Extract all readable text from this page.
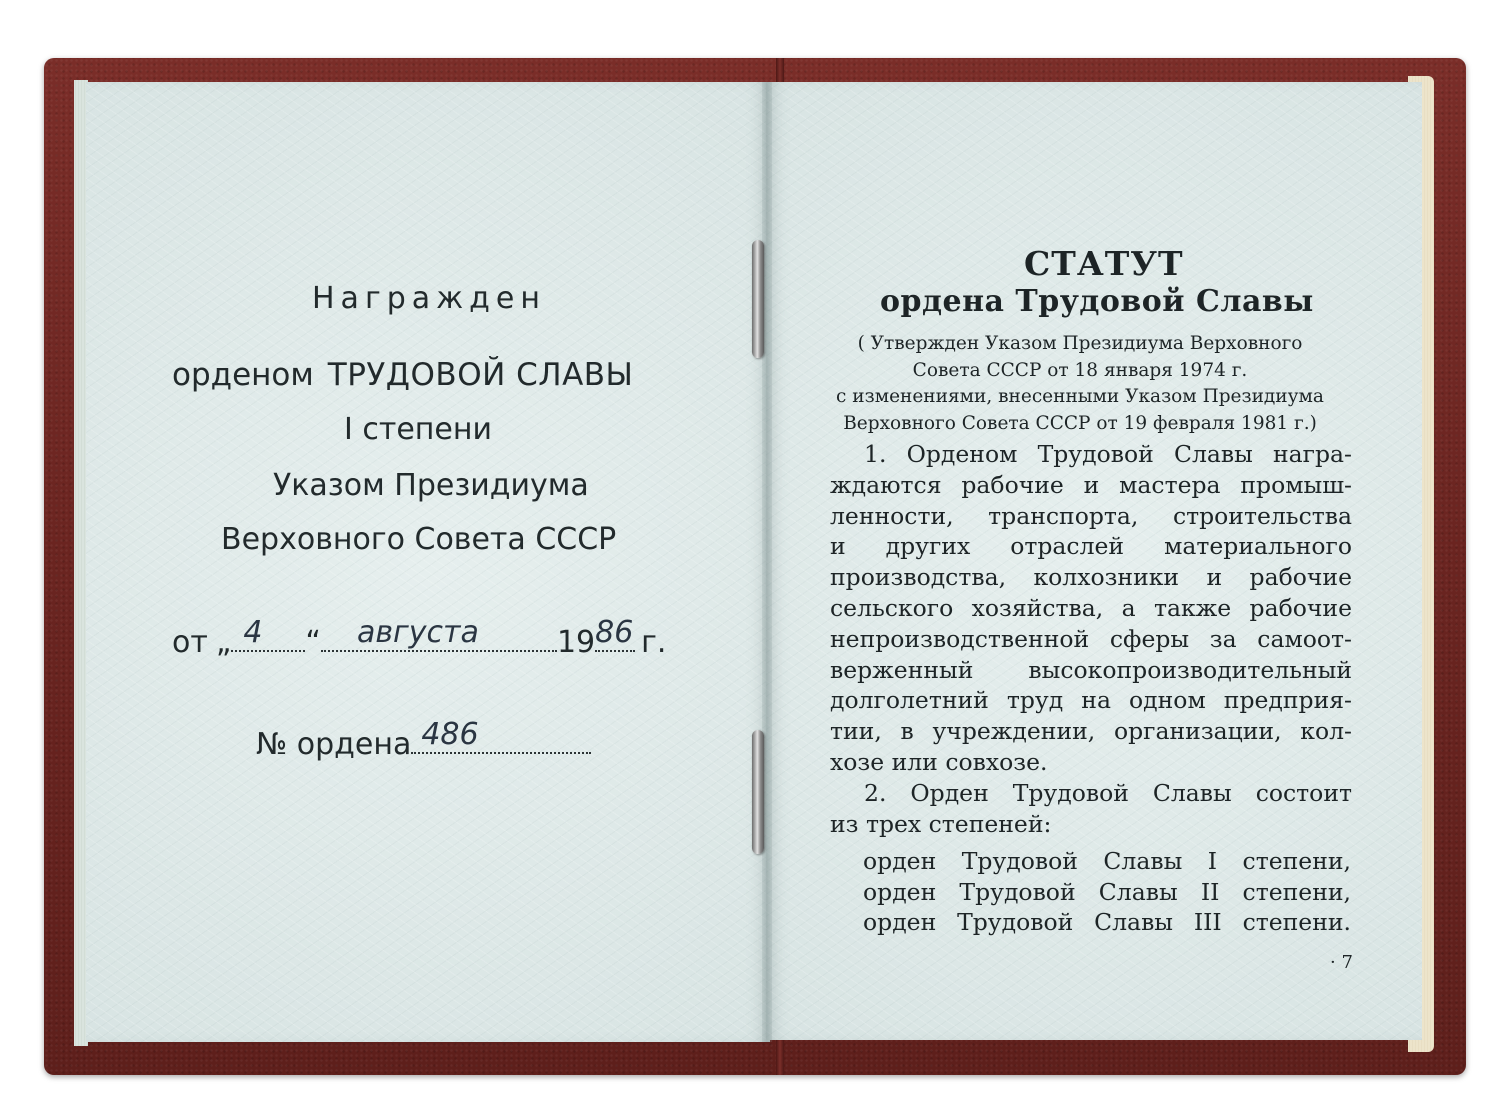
Награжден
орденом ТРУДОВОЙ СЛАВЫ
I степени
Указом Президиума
Верховного Совета СССР
от „ 4 “ августа	19 86 г.
№ ордена 486
СТАТУТ
ордена Трудовой Славы
( Утвержден Указом Президиума Верховного
Совета СССР от 18 января 1974 г.
с изменениями, внесенными Указом Президиума
Верховного Совета СССР от 19 февраля 1981 г.)
1. Орденом Трудовой Славы награ-
ждаются рабочие и мастера промыш-
ленности, транспорта, строительства
и других отраслей материального
производства, колхозники и рабочие
сельского хозяйства, а также рабочие
непроизводственной сферы за самоот-
верженный высокопроизводительный
долголетний труд на одном предприя-
тии, в учреждении, организации, кол-
хозе или совхозе.
2. Орден Трудовой Славы состоит
из трех степеней:
орден Трудовой Славы I степени,
орден Трудовой Славы II степени,
орден Трудовой Славы III степени.
· 7
